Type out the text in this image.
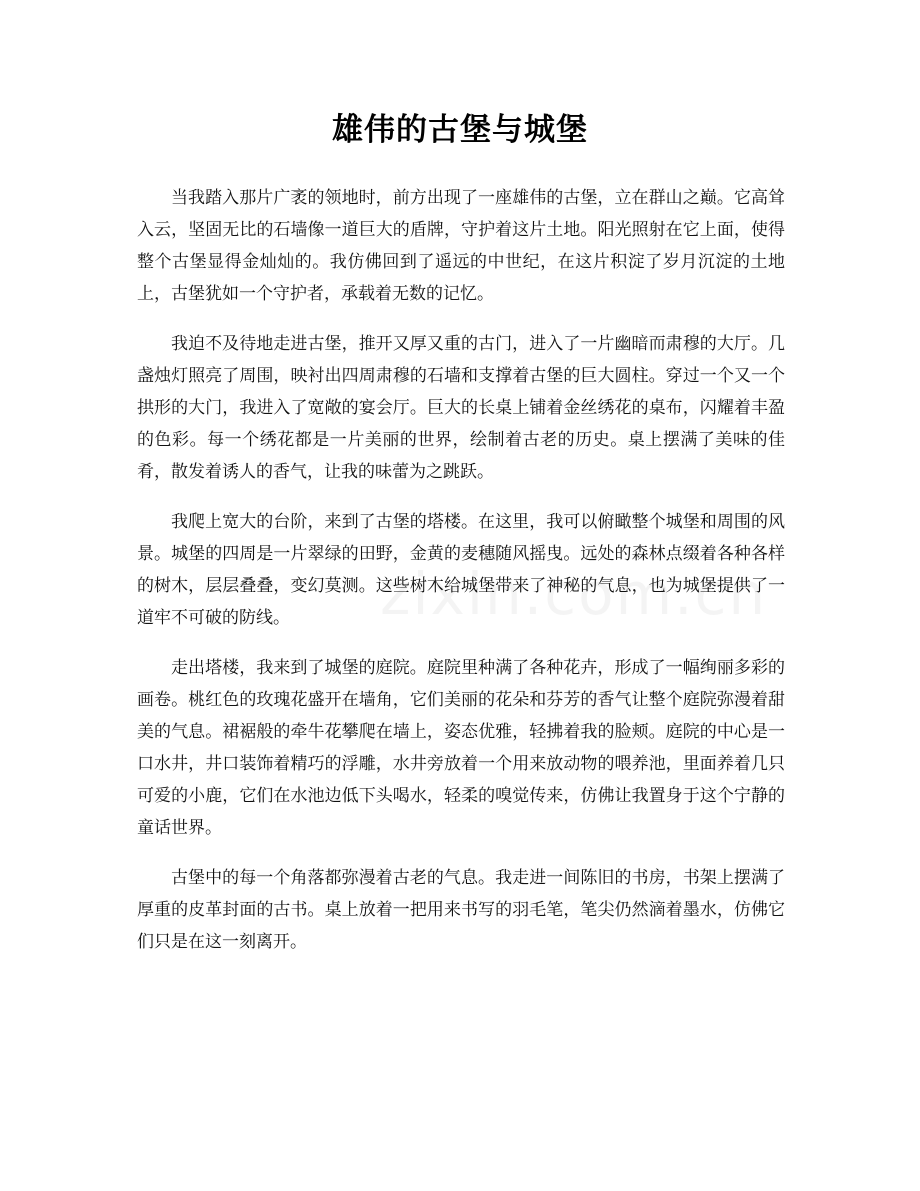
雄伟的古堡与城堡

当我踏入那片广袤的领地时，前方出现了一座雄伟的古堡，立在群山之巅。它高耸入云，坚固无比的石墙像一道巨大的盾牌，守护着这片土地。阳光照射在它上面，使得整个古堡显得金灿灿的。我仿佛回到了遥远的中世纪，在这片积淀了岁月沉淀的土地上，古堡犹如一个守护者，承载着无数的记忆。

我迫不及待地走进古堡，推开又厚又重的古门，进入了一片幽暗而肃穆的大厅。几盏烛灯照亮了周围，映衬出四周肃穆的石墙和支撑着古堡的巨大圆柱。穿过一个又一个拱形的大门，我进入了宽敞的宴会厅。巨大的长桌上铺着金丝绣花的桌布，闪耀着丰盈的色彩。每一个绣花都是一片美丽的世界，绘制着古老的历史。桌上摆满了美味的佳肴，散发着诱人的香气，让我的味蕾为之跳跃。

我爬上宽大的台阶，来到了古堡的塔楼。在这里，我可以俯瞰整个城堡和周围的风景。城堡的四周是一片翠绿的田野，金黄的麦穗随风摇曳。远处的森林点缀着各种各样的树木，层层叠叠，变幻莫测。这些树木给城堡带来了神秘的气息，也为城堡提供了一道牢不可破的防线。

走出塔楼，我来到了城堡的庭院。庭院里种满了各种花卉，形成了一幅绚丽多彩的画卷。桃红色的玫瑰花盛开在墙角，它们美丽的花朵和芬芳的香气让整个庭院弥漫着甜美的气息。裙裾般的牵牛花攀爬在墙上，姿态优雅，轻拂着我的脸颊。庭院的中心是一口水井，井口装饰着精巧的浮雕，水井旁放着一个用来放动物的喂养池，里面养着几只可爱的小鹿，它们在水池边低下头喝水，轻柔的嗅觉传来，仿佛让我置身于这个宁静的童话世界。

古堡中的每一个角落都弥漫着古老的气息。我走进一间陈旧的书房，书架上摆满了厚重的皮革封面的古书。桌上放着一把用来书写的羽毛笔，笔尖仍然滴着墨水，仿佛它们只是在这一刻离开。
